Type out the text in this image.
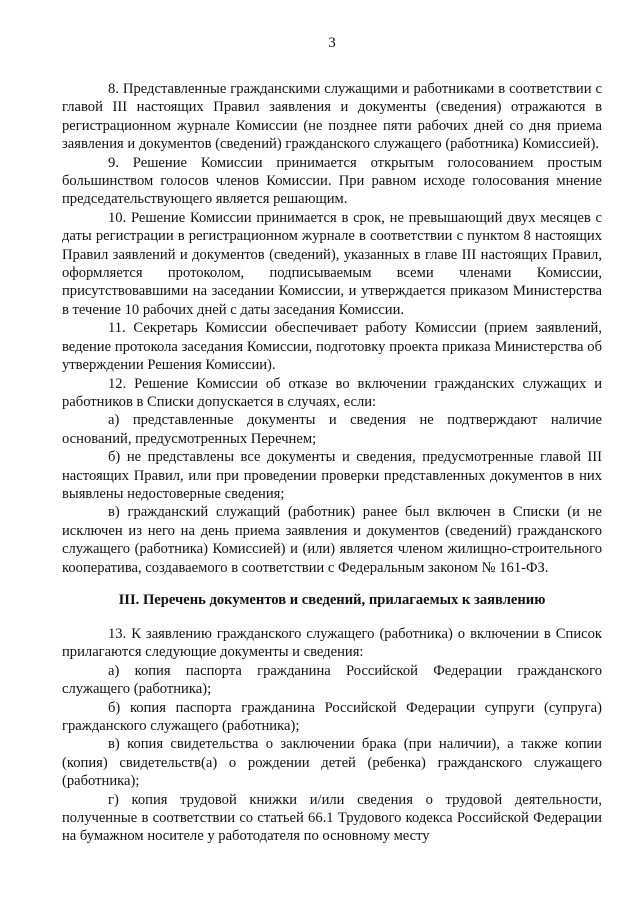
3

8. Представленные гражданскими служащими и работниками в соответствии с главой III настоящих Правил заявления и документы (сведения) отражаются в регистрационном журнале Комиссии (не позднее пяти рабочих дней со дня приема заявления и документов (сведений) гражданского служащего (работника) Комиссией).

9. Решение Комиссии принимается открытым голосованием простым большинством голосов членов Комиссии. При равном исходе голосования мнение председательствующего является решающим.

10. Решение Комиссии принимается в срок, не превышающий двух месяцев с даты регистрации в регистрационном журнале в соответствии с пунктом 8 настоящих Правил заявлений и документов (сведений), указанных в главе III настоящих Правил, оформляется протоколом, подписываемым всеми членами Комиссии, присутствовавшими на заседании Комиссии, и утверждается приказом Министерства в течение 10 рабочих дней с даты заседания Комиссии.

11. Секретарь Комиссии обеспечивает работу Комиссии (прием заявлений, ведение протокола заседания Комиссии, подготовку проекта приказа Министерства об утверждении Решения Комиссии).

12. Решение Комиссии об отказе во включении гражданских служащих и работников в Списки допускается в случаях, если:

а) представленные документы и сведения не подтверждают наличие оснований, предусмотренных Перечнем;

б) не представлены все документы и сведения, предусмотренные главой III настоящих Правил, или при проведении проверки представленных документов в них выявлены недостоверные сведения;

в) гражданский служащий (работник) ранее был включен в Списки (и не исключен из него на день приема заявления и документов (сведений) гражданского служащего (работника) Комиссией) и (или) является членом жилищно-строительного кооператива, создаваемого в соответствии с Федеральным законом № 161-ФЗ.

III. Перечень документов и сведений, прилагаемых к заявлению

13. К заявлению гражданского служащего (работника) о включении в Список прилагаются следующие документы и сведения:

а) копия паспорта гражданина Российской Федерации гражданского служащего (работника);

б) копия паспорта гражданина Российской Федерации супруги (супруга) гражданского служащего (работника);

в) копия свидетельства о заключении брака (при наличии), а также копии (копия) свидетельств(а) о рождении детей (ребенка) гражданского служащего (работника);

г) копия трудовой книжки и/или сведения о трудовой деятельности, полученные в соответствии со статьей 66.1 Трудового кодекса Российской Федерации на бумажном носителе у работодателя по основному месту
